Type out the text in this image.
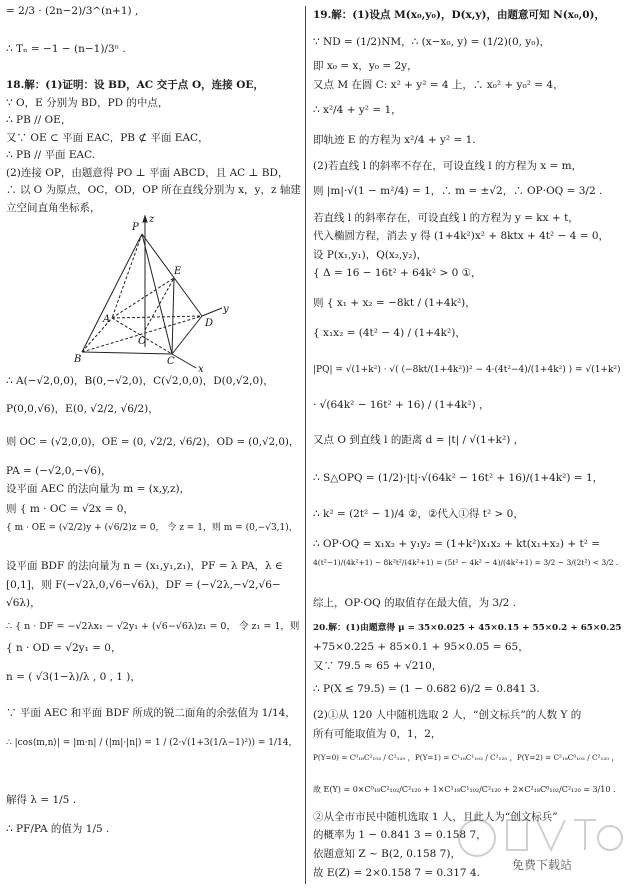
= 2/3 · (2n−2)/3^(n+1) ,
∴ Tₙ = −1 − (n−1)/3ⁿ .
18.解：(1)证明：设 BD，AC 交于点 O，连接 OE，
∵ O，E 分别为 BD，PD 的中点，
∴ PB // OE，
又∵ OE ⊂ 平面 EAC，PB ⊄ 平面 EAC，
∴ PB // 平面 EAC.
(2)连接 OP，由题意得 PO ⊥ 平面 ABCD，且 AC ⊥ BD，
∴ 以 O 为原点，OC，OD，OP 所在直线分别为 x，y，z 轴建
立空间直角坐标系，
∴ A(−√2,0,0)，B(0,−√2,0)，C(√2,0,0)，D(0,√2,0)，
P(0,0,√6)，E(0, √2/2, √6/2)，
则 OC = (√2,0,0)，OE = (0, √2/2, √6/2)，OD = (0,√2,0)，
PA = (−√2,0,−√6)，
设平面 AEC 的法向量为 m = (x,y,z)，
则 { m · OC = √2x = 0，
{ m · OE = (√2/2)y + (√6/2)z = 0， 令 z = 1，则 m = (0,−√3,1)，
设平面 BDF 的法向量为 n = (x₁,y₁,z₁)，PF = λ PA，λ ∈
[0,1]，则 F(−√2λ,0,√6−√6λ)，DF = (−√2λ,−√2,√6−
√6λ)，
∴ { n · DF = −√2λx₁ − √2y₁ + (√6−√6λ)z₁ = 0， 令 z₁ = 1，则
{ n · OD = √2y₁ = 0，
n = ( √3(1−λ)/λ , 0 , 1 )，
∵ 平面 AEC 和平面 BDF 所成的锐二面角的余弦值为 1/14，
∴ |cos⟨m,n⟩| = |m·n| / (|m|·|n|) = 1 / (2·√(1+3(1/λ−1)²)) = 1/14，
解得 λ = 1/5 .
∴ PF/PA 的值为 1/5 .
19.解：(1)设点 M(x₀,y₀)，D(x,y)，由题意可知 N(x₀,0)，
∵ ND = (1/2)NM，∴ (x−x₀, y) = (1/2)(0, y₀)，
即 x₀ = x，y₀ = 2y，
又点 M 在圆 C: x² + y² = 4 上，∴ x₀² + y₀² = 4，
∴ x²/4 + y² = 1，
即轨迹 E 的方程为 x²/4 + y² = 1.
(2)若直线 l 的斜率不存在，可设直线 l 的方程为 x = m，
则 |m|·√(1 − m²/4) = 1，∴ m = ±√2，∴ OP·OQ = 3/2 .
若直线 l 的斜率存在，可设直线 l 的方程为 y = kx + t，
代入椭圆方程，消去 y 得 (1+4k²)x² + 8ktx + 4t² − 4 = 0，
设 P(x₁,y₁)，Q(x₂,y₂)，
{ Δ = 16 − 16t² + 64k² > 0 ①，
则 { x₁ + x₂ = −8kt / (1+4k²)，
{ x₁x₂ = (4t² − 4) / (1+4k²)，
|PQ| = √(1+k²) · √( (−8kt/(1+4k²))² − 4·(4t²−4)/(1+4k²) ) = √(1+k²)
· √(64k² − 16t² + 16) / (1+4k²) ，
又点 O 到直线 l 的距离 d = |t| / √(1+k²) ，
∴ S△OPQ = (1/2)·|t|·√(64k² − 16t² + 16)/(1+4k²) = 1，
∴ k² = (2t² − 1)/4 ②，②代入①得 t² > 0，
∴ OP·OQ = x₁x₂ + y₁y₂ = (1+k²)x₁x₂ + kt(x₁+x₂) + t² =
4(t²−1)/(4k²+1) − 8k²t²/(4k²+1) = (5t² − 4k² − 4)/(4k²+1) = 3/2 − 3/(2t²) < 3/2 .
综上，OP·OQ 的取值存在最大值，为 3/2 .
20.解：(1)由题意得 μ = 35×0.025 + 45×0.15 + 55×0.2 + 65×0.25
+75×0.225 + 85×0.1 + 95×0.05 = 65，
又∵ 79.5 ≈ 65 + √210，
∴ P(X ≤ 79.5) = (1 − 0.682 6)/2 = 0.841 3.
(2)①从 120 人中随机选取 2 人，“创文标兵”的人数 Y 的
所有可能取值为 0，1，2，
P(Y=0) = C⁰₁₈C²₁₀₂ / C²₁₂₀ ，P(Y=1) = C¹₁₈C¹₁₀₂ / C²₁₂₀ ，P(Y=2) = C²₁₈C⁰₁₀₂ / C²₁₂₀ ，
故 E(Y) = 0×C⁰₁₈C²₁₀₂/C²₁₂₀ + 1×C¹₁₈C¹₁₀₂/C²₁₂₀ + 2×C²₁₈C⁰₁₀₂/C²₁₂₀ = 3/10 .
②从全市市民中随机选取 1 人，且此人为“创文标兵”
的概率为 1 − 0.841 3 = 0.158 7，
依题意知 Z ~ B(2, 0.158 7)，
故 E(Z) = 2×0.158 7 = 0.317 4.
P
E
A
B	C
D
O
x
y
z
免费下载站
